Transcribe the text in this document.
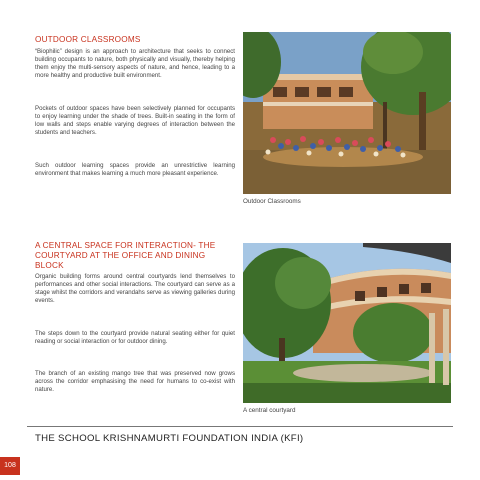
OUTDOOR CLASSROOMS

“Biophilic” design is an approach to architecture that seeks to connect building occupants to nature, both physically and visually, thereby helping them enjoy the multi-sensory aspects of nature, and hence, leading to a more healthy and productive built environment.

Pockets of outdoor spaces have been selectively planned for occupants to enjoy learning under the shade of trees. Built-in seating in the form of low walls and steps enable varying degrees of interaction between the students and teachers.

Such outdoor learning spaces provide an unrestrictive learning environment that makes learning a much more pleasant experience.

Outdoor Classrooms

A CENTRAL SPACE FOR INTERACTION- THE COURTYARD AT THE OFFICE AND DINING BLOCK

Organic building forms around central courtyards lend themselves to performances and other social interactions. The courtyard can serve as a stage whilst the corridors and verandahs serve as viewing galleries during events.

The steps down to the courtyard provide natural seating either for quiet reading or social interaction or for outdoor dining.

The branch of an existing mango tree that was preserved now grows across the corridor emphasising the need for humans to co-exist with nature.

A central courtyard

THE SCHOOL KRISHNAMURTI FOUNDATION INDIA (KFI)

108
